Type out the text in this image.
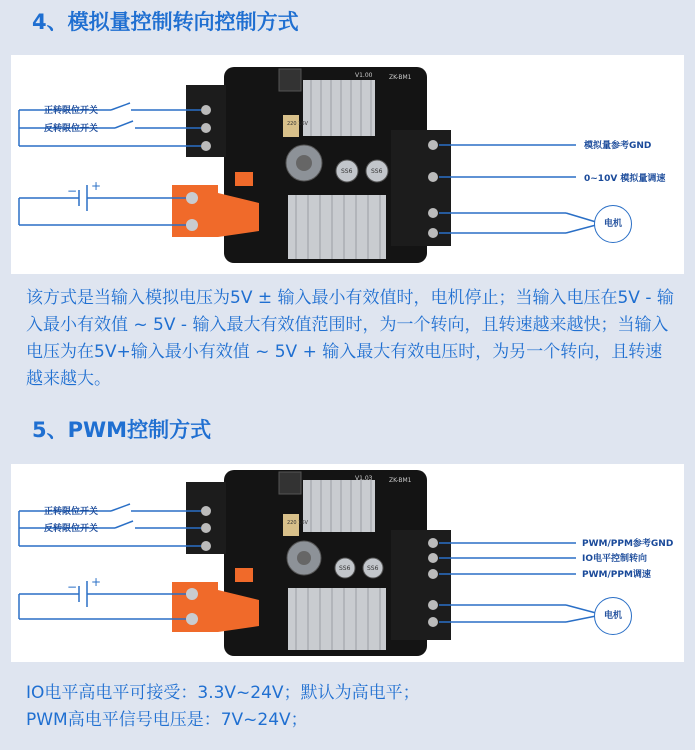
4、模拟量控制转向控制方式
− +
V1.00	ZK-BM1
220 16V
SS6	SS6
正转限位开关
反转限位开关
模拟量参考GND
0~10V 模拟量调速
电机
该方式是当输入模拟电压为5V ± 输入最小有效值时，电机停止；当输入电压在5V - 输入最小有效值 ~ 5V - 输入最大有效值范围时，为一个转向，且转速越来越快；当输入电压为在5V+输入最小有效值 ~ 5V + 输入最大有效电压时，为另一个转向，且转速越来越大。
5、PWM控制方式
− +
V1.03	ZK-BM1
220 16V
SS6	SS6
正转限位开关
反转限位开关
PWM/PPM参考GND
IO电平控制转向
PWM/PPM调速
电机
IO电平高电平可接受：3.3V~24V；默认为高电平；
PWM高电平信号电压是：7V~24V；
